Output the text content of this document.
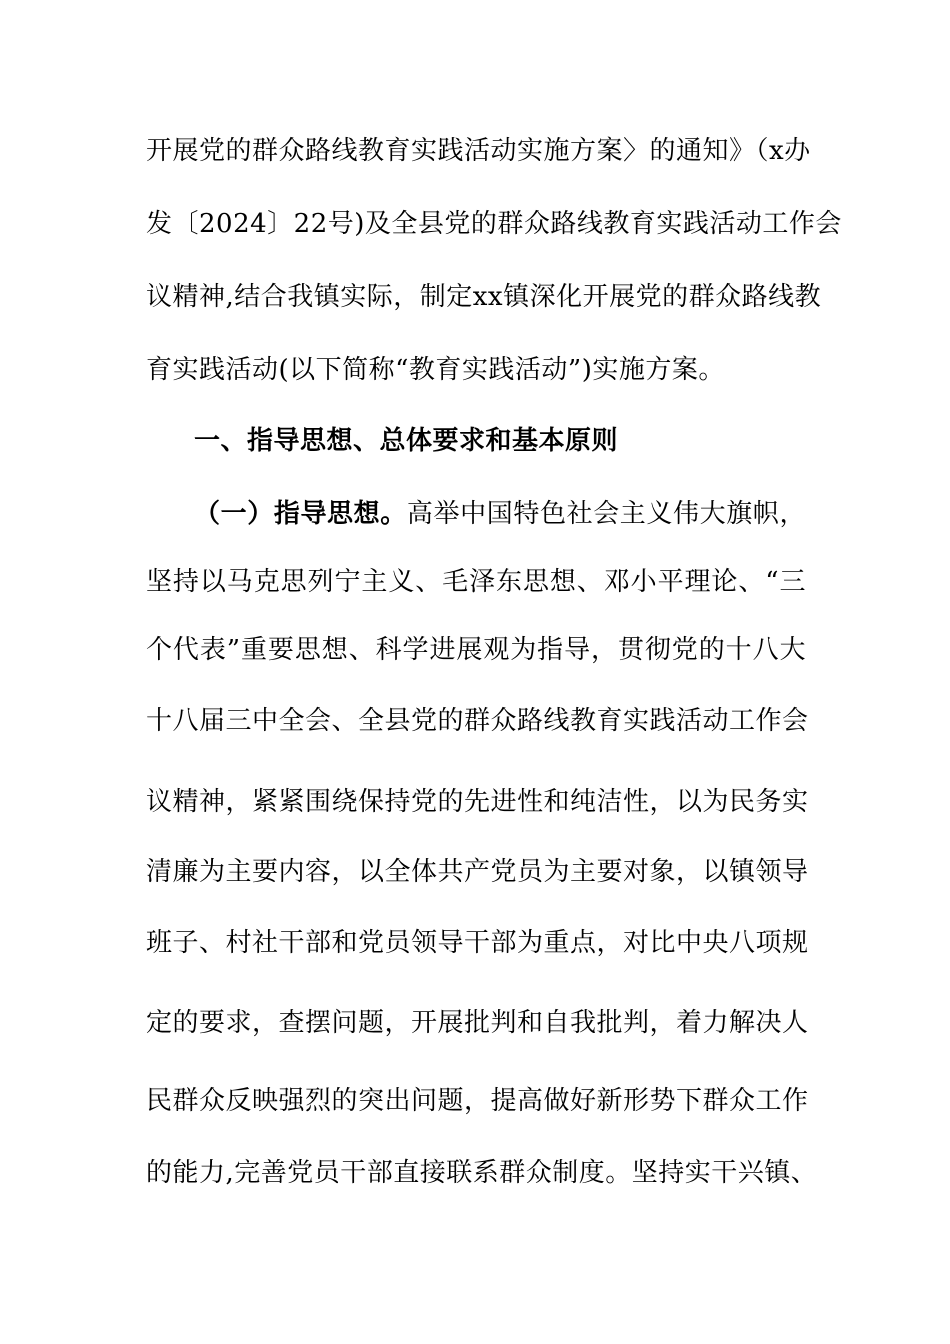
开展党的群众路线教育实践活动实施方案〉的通知》（x办
发〔2024〕22号)及全县党的群众路线教育实践活动工作会
议精神,结合我镇实际，制定xx镇深化开展党的群众路线教
育实践活动(以下简称“教育实践活动”)实施方案。
一、指导思想、总体要求和基本原则
（一）指导思想。高举中国特色社会主义伟大旗帜，
坚持以马克思列宁主义、毛泽东思想、邓小平理论、“三
个代表”重要思想、科学进展观为指导，贯彻党的十八大
十八届三中全会、全县党的群众路线教育实践活动工作会
议精神，紧紧围绕保持党的先进性和纯洁性，以为民务实
清廉为主要内容，以全体共产党员为主要对象，以镇领导
班子、村社干部和党员领导干部为重点，对比中央八项规
定的要求，查摆问题，开展批判和自我批判，着力解决人
民群众反映强烈的突出问题，提高做好新形势下群众工作
的能力,完善党员干部直接联系群众制度。坚持实干兴镇、
